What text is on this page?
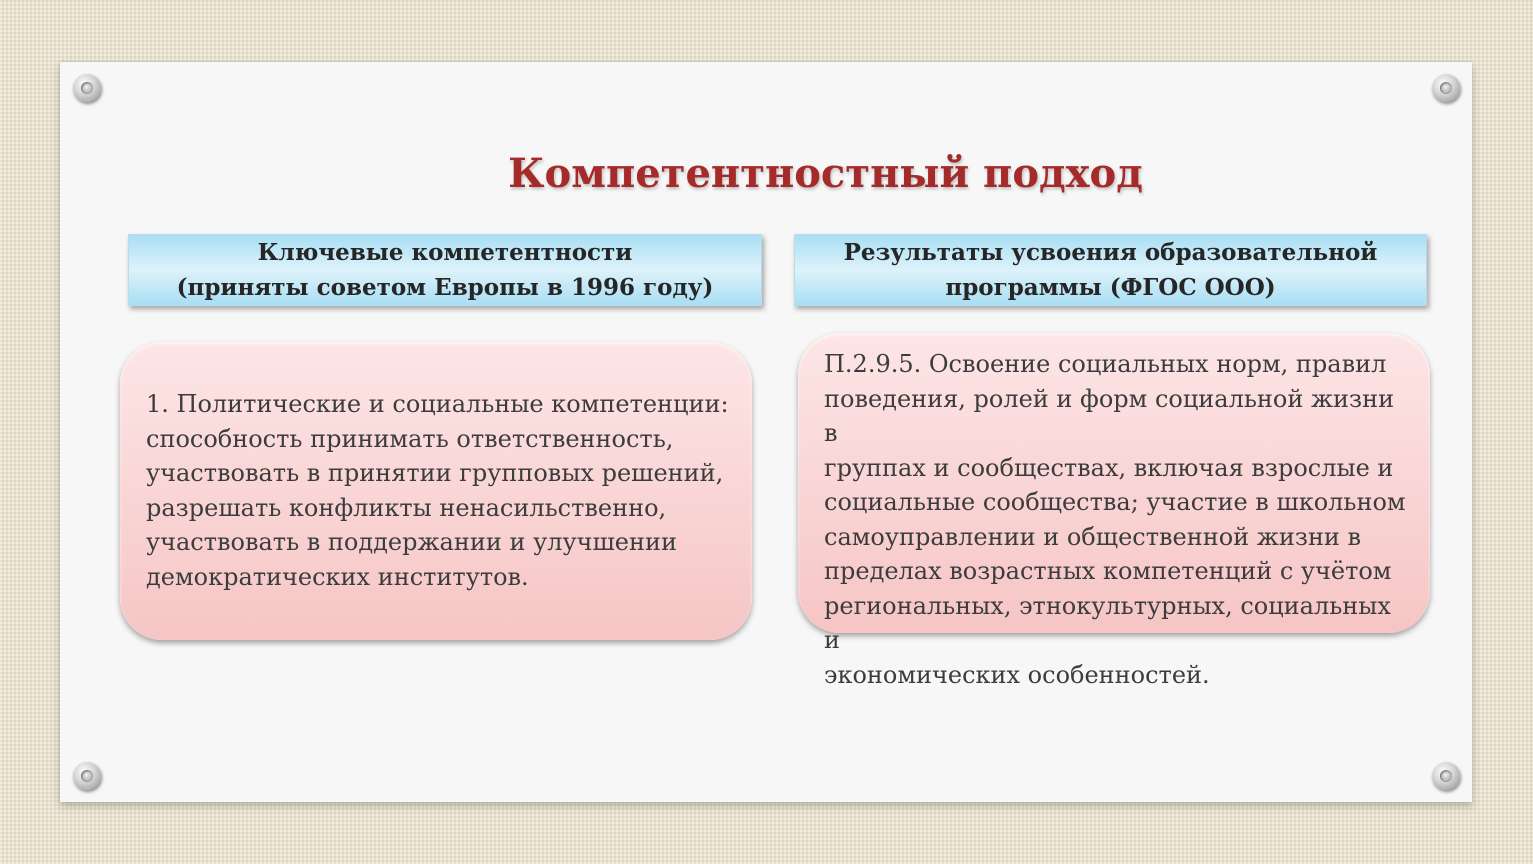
Компетентностный подход
Ключевые компетентности
(приняты советом Европы в 1996 году)
Результаты усвоения образовательной
программы (ФГОС ООО)
1. Политические и социальные компетенции:
способность принимать ответственность,
участвовать в принятии групповых решений,
разрешать конфликты ненасильственно,
участвовать в поддержании и улучшении
демократических институтов.
П.2.9.5. Освоение социальных норм, правил
поведения, ролей и форм социальной жизни в
группах и сообществах, включая взрослые и
социальные сообщества; участие в школьном
самоуправлении и общественной жизни в
пределах возрастных компетенций с учётом
региональных, этнокультурных, социальных и
экономических особенностей.
